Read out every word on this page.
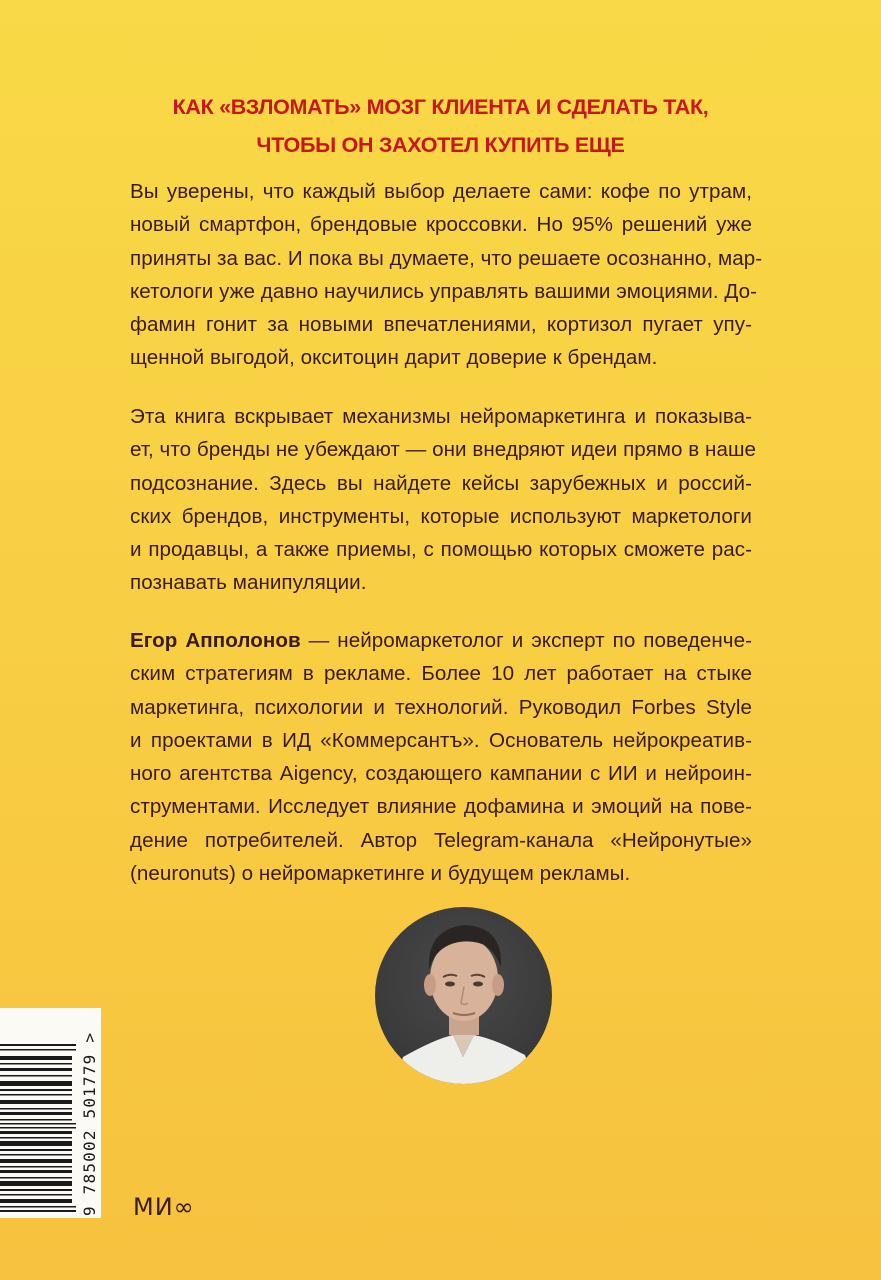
КАК «ВЗЛОМАТЬ» МОЗГ КЛИЕНТА И СДЕЛАТЬ ТАК,
ЧТОБЫ ОН ЗАХОТЕЛ КУПИТЬ ЕЩЕ
Вы уверены, что каждый выбор делаете сами: кофе по утрам,
новый смартфон, брендовые кроссовки. Но 95% решений уже
приняты за вас. И пока вы думаете, что решаете осознанно, мар-
кетологи уже давно научились управлять вашими эмоциями. До-
фамин гонит за новыми впечатлениями, кортизол пугает упу-
щенной выгодой, окситоцин дарит доверие к брендам.
Эта книга вскрывает механизмы нейромаркетинга и показыва-
ет, что бренды не убеждают — они внедряют идеи прямо в наше
подсознание. Здесь вы найдете кейсы зарубежных и россий-
ских брендов, инструменты, которые используют маркетологи
и продавцы, а также приемы, с помощью которых сможете рас-
познавать манипуляции.
Егор Апполонов — нейромаркетолог и эксперт по поведенче-
ским стратегиям в рекламе. Более 10 лет работает на стыке
маркетинга, психологии и технологий. Руководил Forbes Style
и проектами в ИД «Коммерсантъ». Основатель нейрокреатив-
ного агентства Aigency, создающего кампании с ИИ и нейроин-
струментами. Исследует влияние дофамина и эмоций на пове-
дение потребителей. Автор Telegram-канала «Нейронутые»
(neuronuts) о нейромаркетинге и будущем рекламы.
9 785002 501779 > МИ∞
